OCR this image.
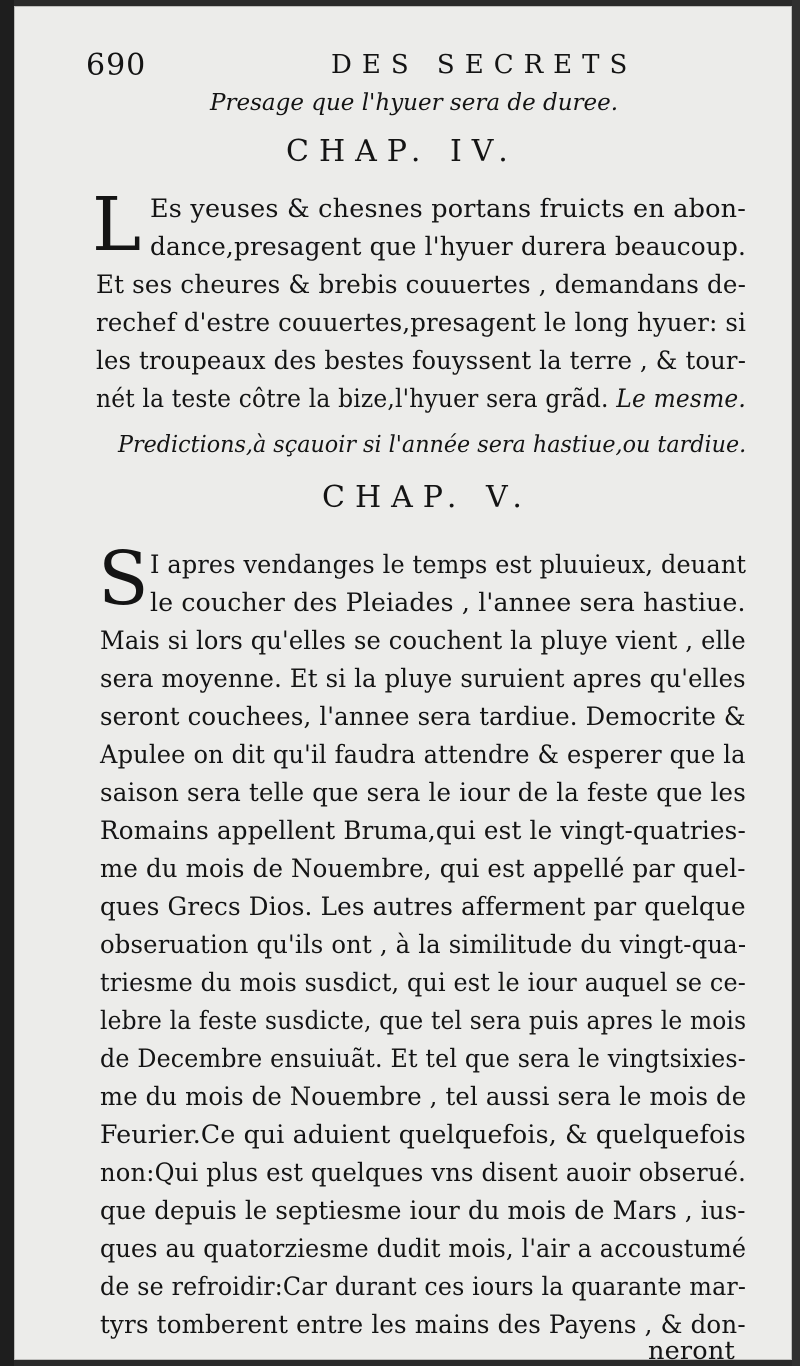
690	DES SECRETS
Presage que l'hyuer sera de duree.
CHAP. IV.
L Es yeuses & chesnes portans fruicts en abon-
dance,presagent que l'hyuer durera beaucoup.
Et ses cheures & brebis couuertes , demandans de-
rechef d'estre couuertes,presagent le long hyuer: si
les troupeaux des bestes fouyssent la terre , & tour-
nét la teste côtre la bize,l'hyuer sera grãd. Le mesme.
Predictions,à sçauoir si l'année sera hastiue,ou tardiue.
CHAP. V.
S I apres vendanges le temps est pluuieux, deuant
le coucher des Pleiades , l'annee sera hastiue.
Mais si lors qu'elles se couchent la pluye vient , elle
sera moyenne. Et si la pluye suruient apres qu'elles
seront couchees, l'annee sera tardiue. Democrite &
Apulee on dit qu'il faudra attendre & esperer que la
saison sera telle que sera le iour de la feste que les
Romains appellent Bruma,qui est le vingt-quatries-
me du mois de Nouembre, qui est appellé par quel-
ques Grecs Dios. Les autres afferment par quelque
obseruation qu'ils ont , à la similitude du vingt-qua-
triesme du mois susdict, qui est le iour auquel se ce-
lebre la feste susdicte, que tel sera puis apres le mois
de Decembre ensuiuãt. Et tel que sera le vingtsixies-
me du mois de Nouembre , tel aussi sera le mois de
Feurier.Ce qui aduient quelquefois, & quelquefois
non:Qui plus est quelques vns disent auoir obserué.
que depuis le septiesme iour du mois de Mars , ius-
ques au quatorziesme dudit mois, l'air a accoustumé
de se refroidir:Car durant ces iours la quarante mar-
tyrs tomberent entre les mains des Payens , & don-
neront
